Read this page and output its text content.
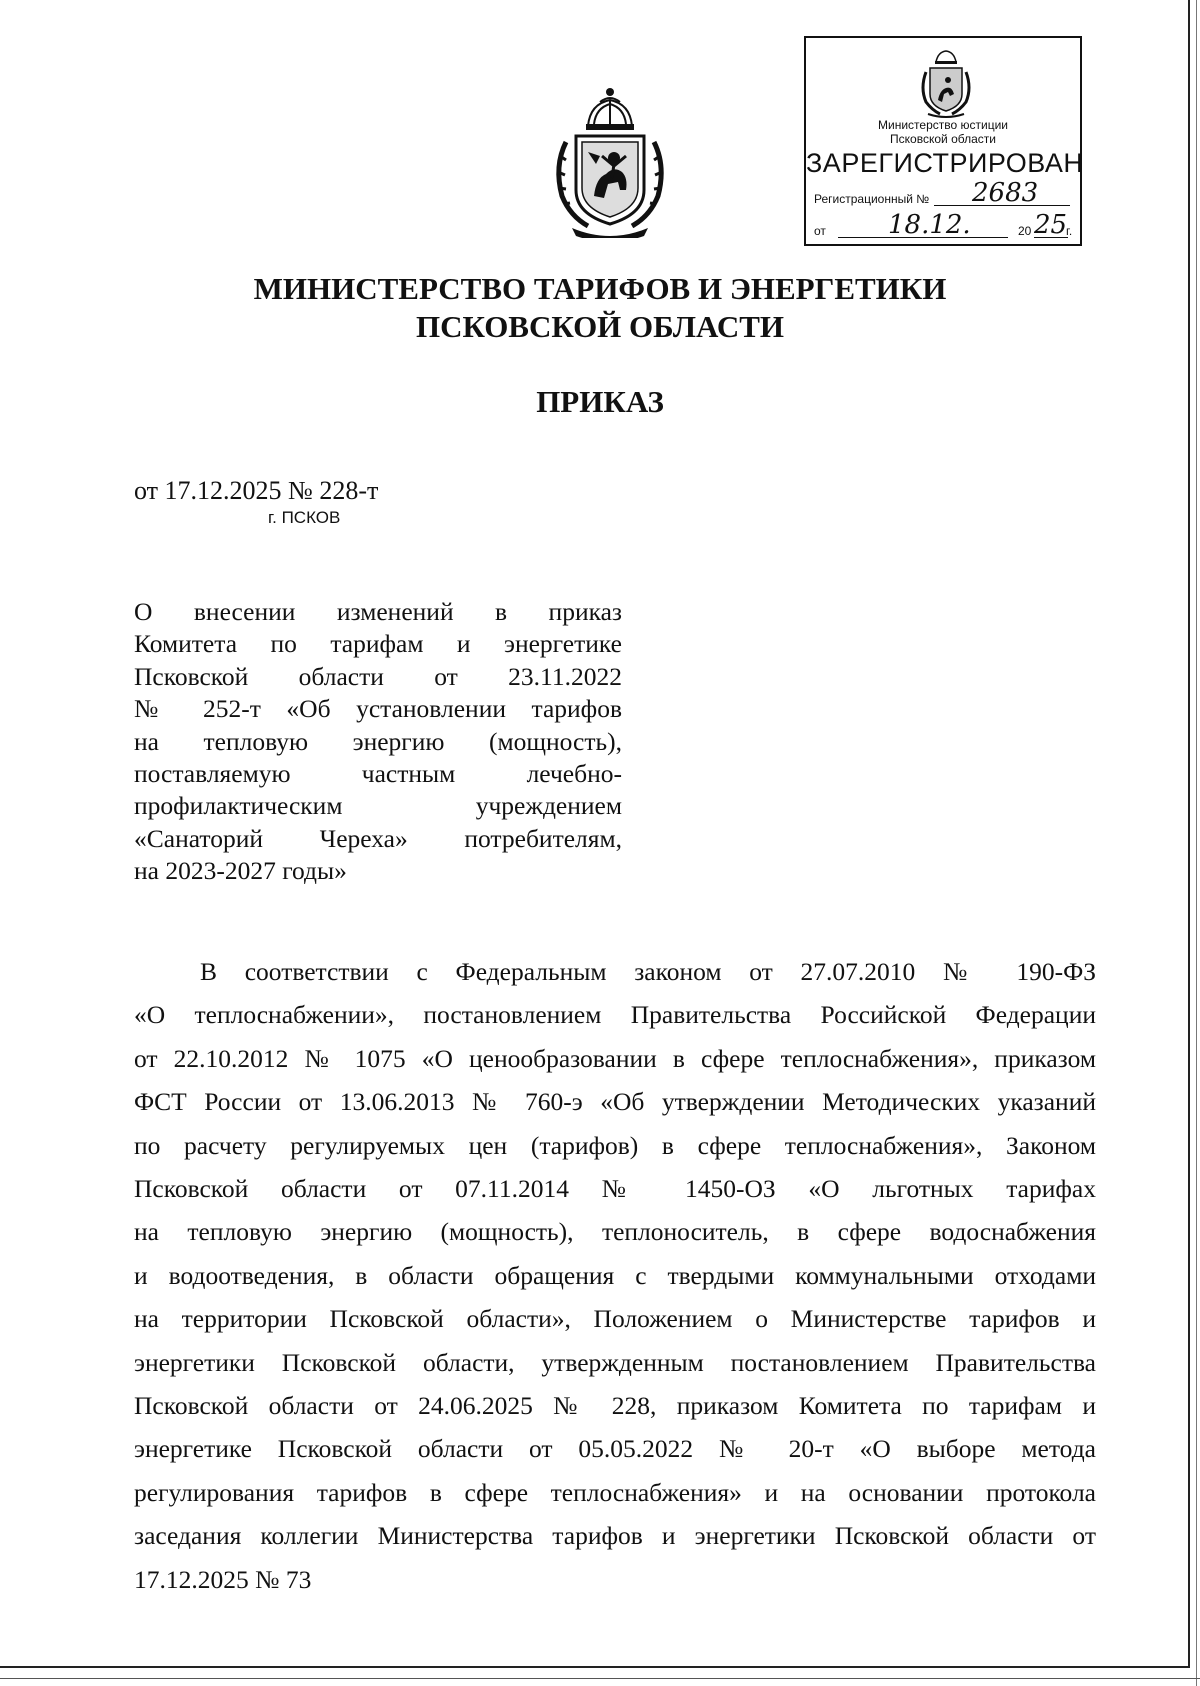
Министерство юстиции
Псковской области
ЗАРЕГИСТРИРОВАН
Регистрационный № 2683
от 18.12.	20 25
г.
МИНИСТЕРСТВО ТАРИФОВ И ЭНЕРГЕТИКИ
ПСКОВСКОЙ ОБЛАСТИ
ПРИКАЗ
от 17.12.2025 № 228-т
г. ПСКОВ
О внесении изменений в приказ
Комитета по тарифам и энергетике
Псковской области от 23.11.2022
№ 252-т «Об установлении тарифов
на тепловую энергию (мощность),
поставляемую частным лечебно-
профилактическим учреждением
«Санаторий Череха» потребителям,
на 2023-2027 годы»
В соответствии с Федеральным законом от 27.07.2010 № 190-ФЗ
«О теплоснабжении», постановлением Правительства Российской Федерации
от 22.10.2012 № 1075 «О ценообразовании в сфере теплоснабжения», приказом
ФСТ России от 13.06.2013 № 760-э «Об утверждении Методических указаний
по расчету регулируемых цен (тарифов) в сфере теплоснабжения», Законом
Псковской области от 07.11.2014 № 1450-ОЗ «О льготных тарифах
на тепловую энергию (мощность), теплоноситель, в сфере водоснабжения
и водоотведения, в области обращения с твердыми коммунальными отходами
на территории Псковской области», Положением о Министерстве тарифов и
энергетики Псковской области, утвержденным постановлением Правительства
Псковской области от 24.06.2025 № 228, приказом Комитета по тарифам и
энергетике Псковской области от 05.05.2022 № 20-т «О выборе метода
регулирования тарифов в сфере теплоснабжения» и на основании протокола
заседания коллегии Министерства тарифов и энергетики Псковской области от
17.12.2025 № 73
